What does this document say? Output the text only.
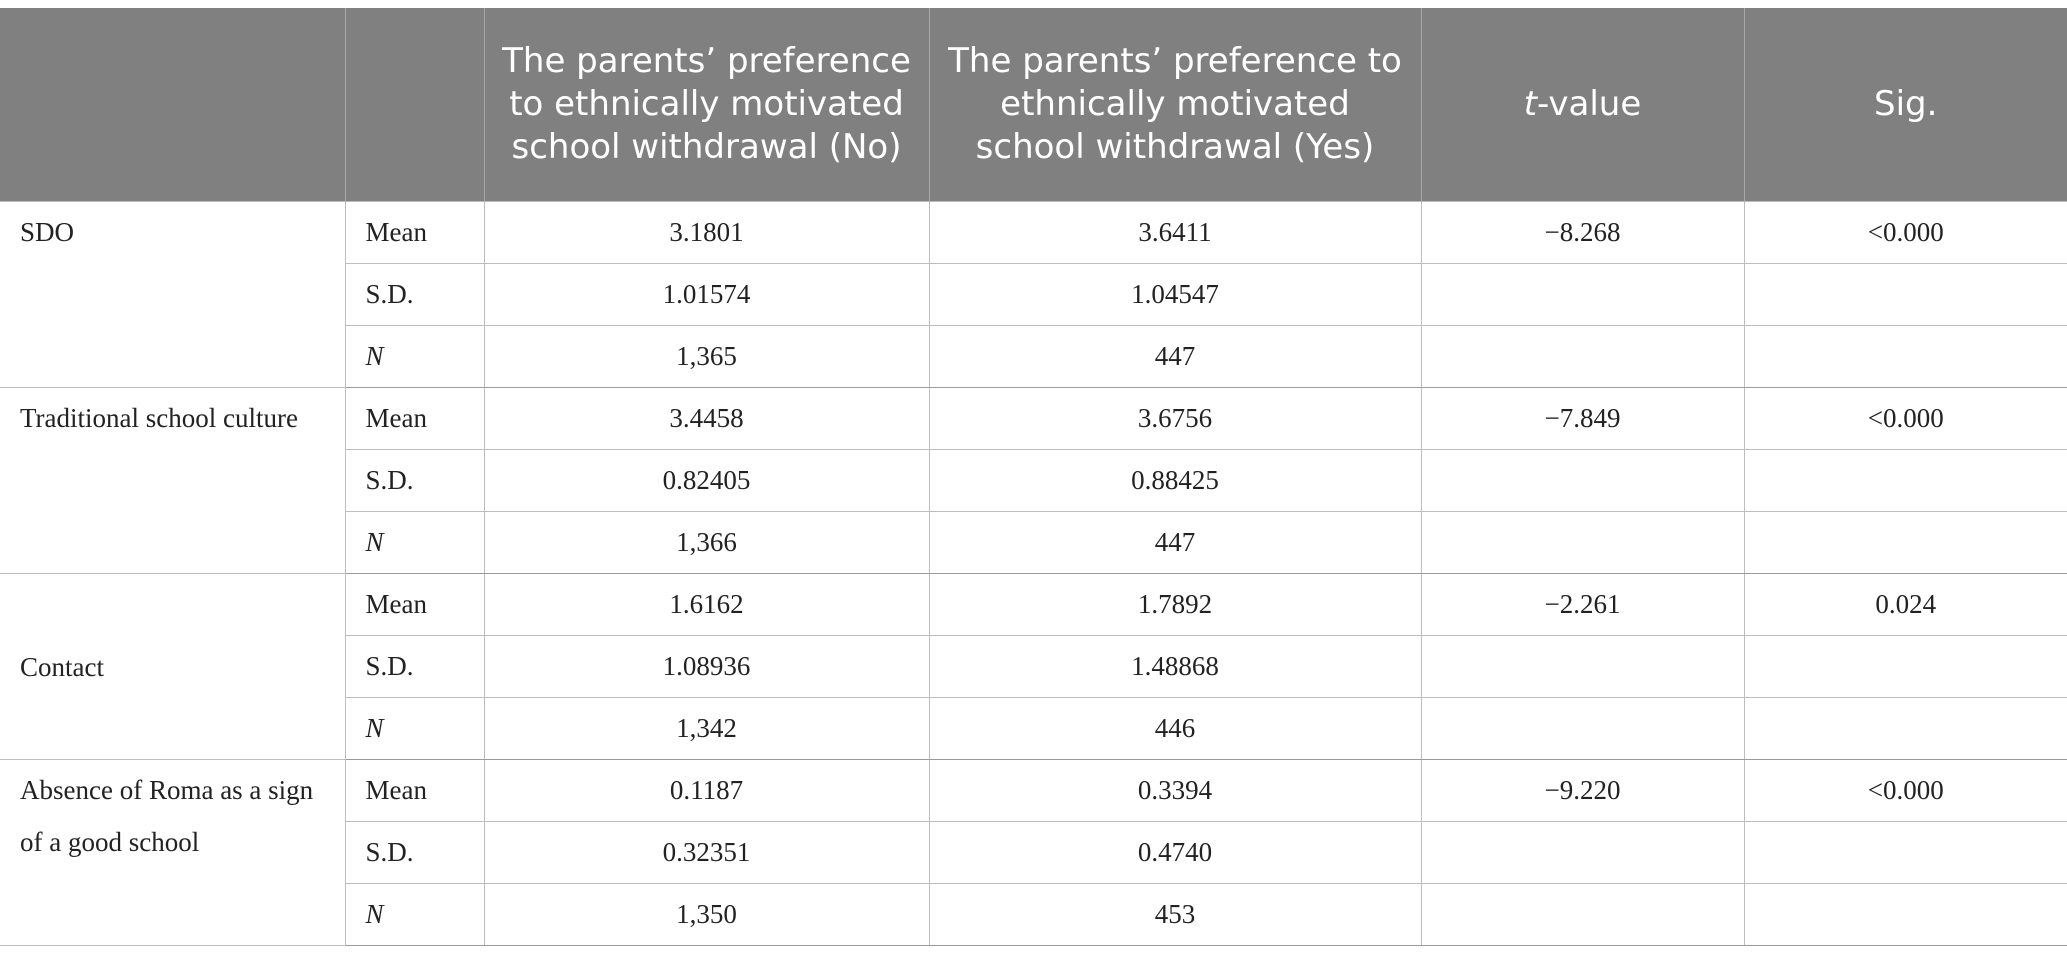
		The parents’ preference to ethnically motivated school withdrawal (No)	The parents’ preference to ethnically motivated school withdrawal (Yes)	t-value	Sig.
SDO	Mean	3.1801	3.6411	−8.268	<0.000
	S.D.	1.01574	1.04547		
	N	1,365	447		
Traditional school culture	Mean	3.4458	3.6756	−7.849	<0.000
	S.D.	0.82405	0.88425		
	N	1,366	447		
Contact	Mean	1.6162	1.7892	−2.261	0.024
	S.D.	1.08936	1.48868		
	N	1,342	446		
Absence of Roma as a sign of a good school	Mean	0.1187	0.3394	−9.220	<0.000
	S.D.	0.32351	0.4740		
	N	1,350	453		
